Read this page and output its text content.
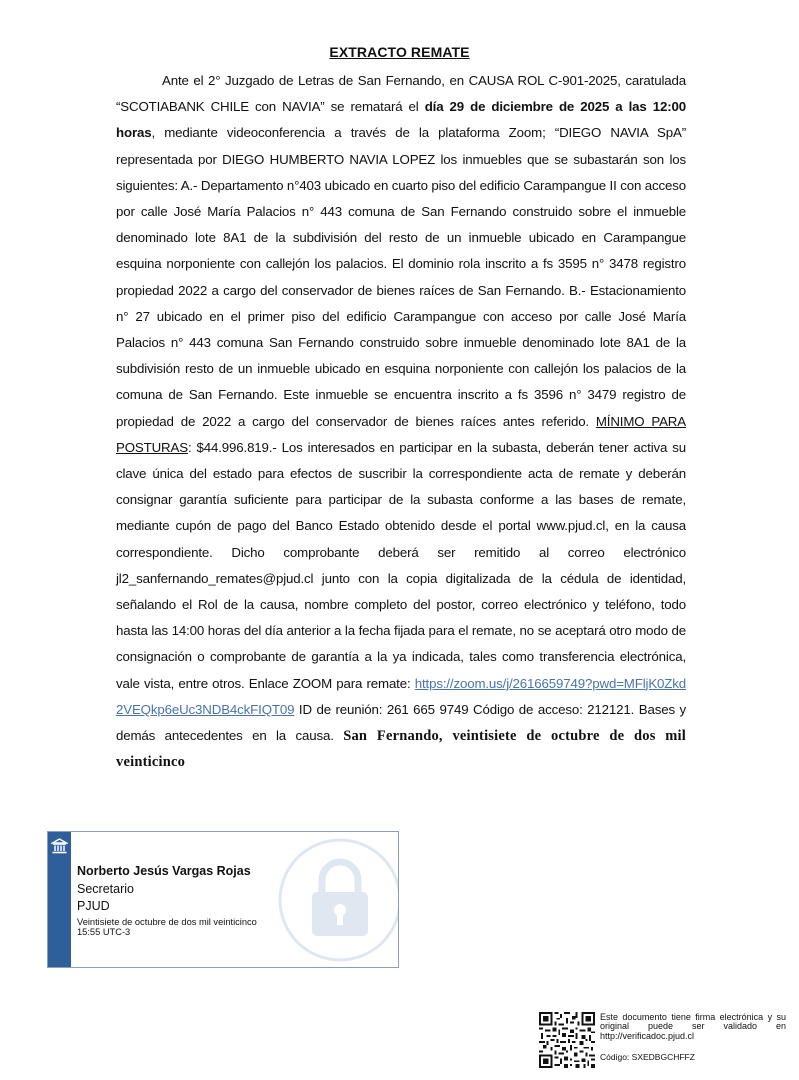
EXTRACTO REMATE
Ante el 2° Juzgado de Letras de San Fernando, en CAUSA ROL C-901-2025, caratulada “SCOTIABANK CHILE con NAVIA” se rematará el día 29 de diciembre de 2025 a las 12:00 horas, mediante videoconferencia a través de la plataforma Zoom; “DIEGO NAVIA SpA” representada por DIEGO HUMBERTO NAVIA LOPEZ los inmuebles que se subastarán son los siguientes: A.- Departamento n°403 ubicado en cuarto piso del edificio Carampangue II con acceso por calle José María Palacios n° 443 comuna de San Fernando construido sobre el inmueble denominado lote 8A1 de la subdivisión del resto de un inmueble ubicado en Carampangue esquina norponiente con callejón los palacios. El dominio rola inscrito a fs 3595 n° 3478 registro propiedad 2022 a cargo del conservador de bienes raíces de San Fernando. B.- Estacionamiento n° 27 ubicado en el primer piso del edificio Carampangue con acceso por calle José María Palacios n° 443 comuna San Fernando construido sobre inmueble denominado lote 8A1 de la subdivisión resto de un inmueble ubicado en esquina norponiente con callejón los palacios de la comuna de San Fernando. Este inmueble se encuentra inscrito a fs 3596 n° 3479 registro de propiedad de 2022 a cargo del conservador de bienes raíces antes referido. MÍNIMO PARA POSTURAS: $44.996.819.- Los interesados en participar en la subasta, deberán tener activa su clave única del estado para efectos de suscribir la correspondiente acta de remate y deberán consignar garantía suficiente para participar de la subasta conforme a las bases de remate, mediante cupón de pago del Banco Estado obtenido desde el portal www.pjud.cl, en la causa correspondiente. Dicho comprobante deberá ser remitido al correo electrónico jl2_sanfernando_remates@pjud.cl junto con la copia digitalizada de la cédula de identidad, señalando el Rol de la causa, nombre completo del postor, correo electrónico y teléfono, todo hasta las 14:00 horas del día anterior a la fecha fijada para el remate, no se aceptará otro modo de consignación o comprobante de garantía a la ya indicada, tales como transferencia electrónica, vale vista, entre otros. Enlace ZOOM para remate: https://zoom.us/j/2616659749?pwd=MFljK0Zkd2VEQkp6eUc3NDB4ckFIQT09 ID de reunión: 261 665 9749 Código de acceso: 212121. Bases y demás antecedentes en la causa. San Fernando, veintisiete de octubre de dos mil veinticinco
Norberto Jesús Vargas Rojas
Secretario
PJUD
Veintisiete de octubre de dos mil veinticinco
15:55 UTC-3
Este documento tiene firma electrónica y su original puede ser validado en http://verificadoc.pjud.cl
Código: SXEDBGCHFFZ
